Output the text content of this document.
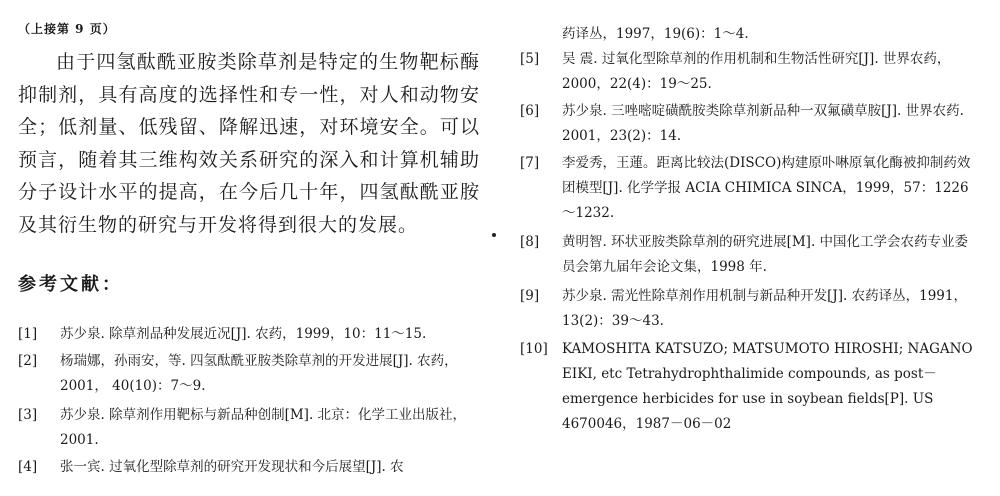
（上接第 9 页）
由于四氢酞酰亚胺类除草剂是特定的生物靶标酶抑制剂，具有高度的选择性和专一性，对人和动物安全；低剂量、低残留、降解迅速，对环境安全。可以预言，随着其三维构效关系研究的深入和计算机辅助分子设计水平的提高，在今后几十年，四氢酞酰亚胺及其衍生物的研究与开发将得到很大的发展。
参考文献：
[1] 苏少泉. 除草剂品种发展近况[J]. 农药，1999，10：11～15.
[2] 杨瑞娜，孙雨安，等. 四氢酞酰亚胺类除草剂的开发进展[J]. 农药，2001， 40(10)：7～9.
[3] 苏少泉. 除草剂作用靶标与新品种创制[M]. 北京：化学工业出版社，2001.
[4] 张一宾. 过氧化型除草剂的研究开发现状和今后展望[J]. 农
药译丛，1997，19(6)：1～4.
[5] 吴 震. 过氧化型除草剂的作用机制和生物活性研究[J]. 世界农药，2000，22(4)：19～25.
[6] 苏少泉. 三唑嘧啶磺酰胺类除草剂新品种一双氟磺草胺[J]. 世界农药. 2001，23(2)：14.
[7] 李爱秀，王蓮。距离比较法(DISCO)构建原卟啉原氧化酶被抑制药效团模型[J]. 化学学报 ACIA CHIMICA SINCA，1999，57：1226～1232.
[8] 黄明智. 环状亚胺类除草剂的研究进展[M]. 中国化工学会农药专业委员会第九届年会论文集，1998 年.
[9] 苏少泉. 需光性除草剂作用机制与新品种开发[J]. 农药译丛，1991，13(2)：39～43.
[10] KAMOSHITA KATSUZO; MATSUMOTO HIROSHI; NAGANO EIKI, etc Tetrahydrophthalimide compounds, as post－emergence herbicides for use in soybean fields[P]. US 4670046，1987－06－02
